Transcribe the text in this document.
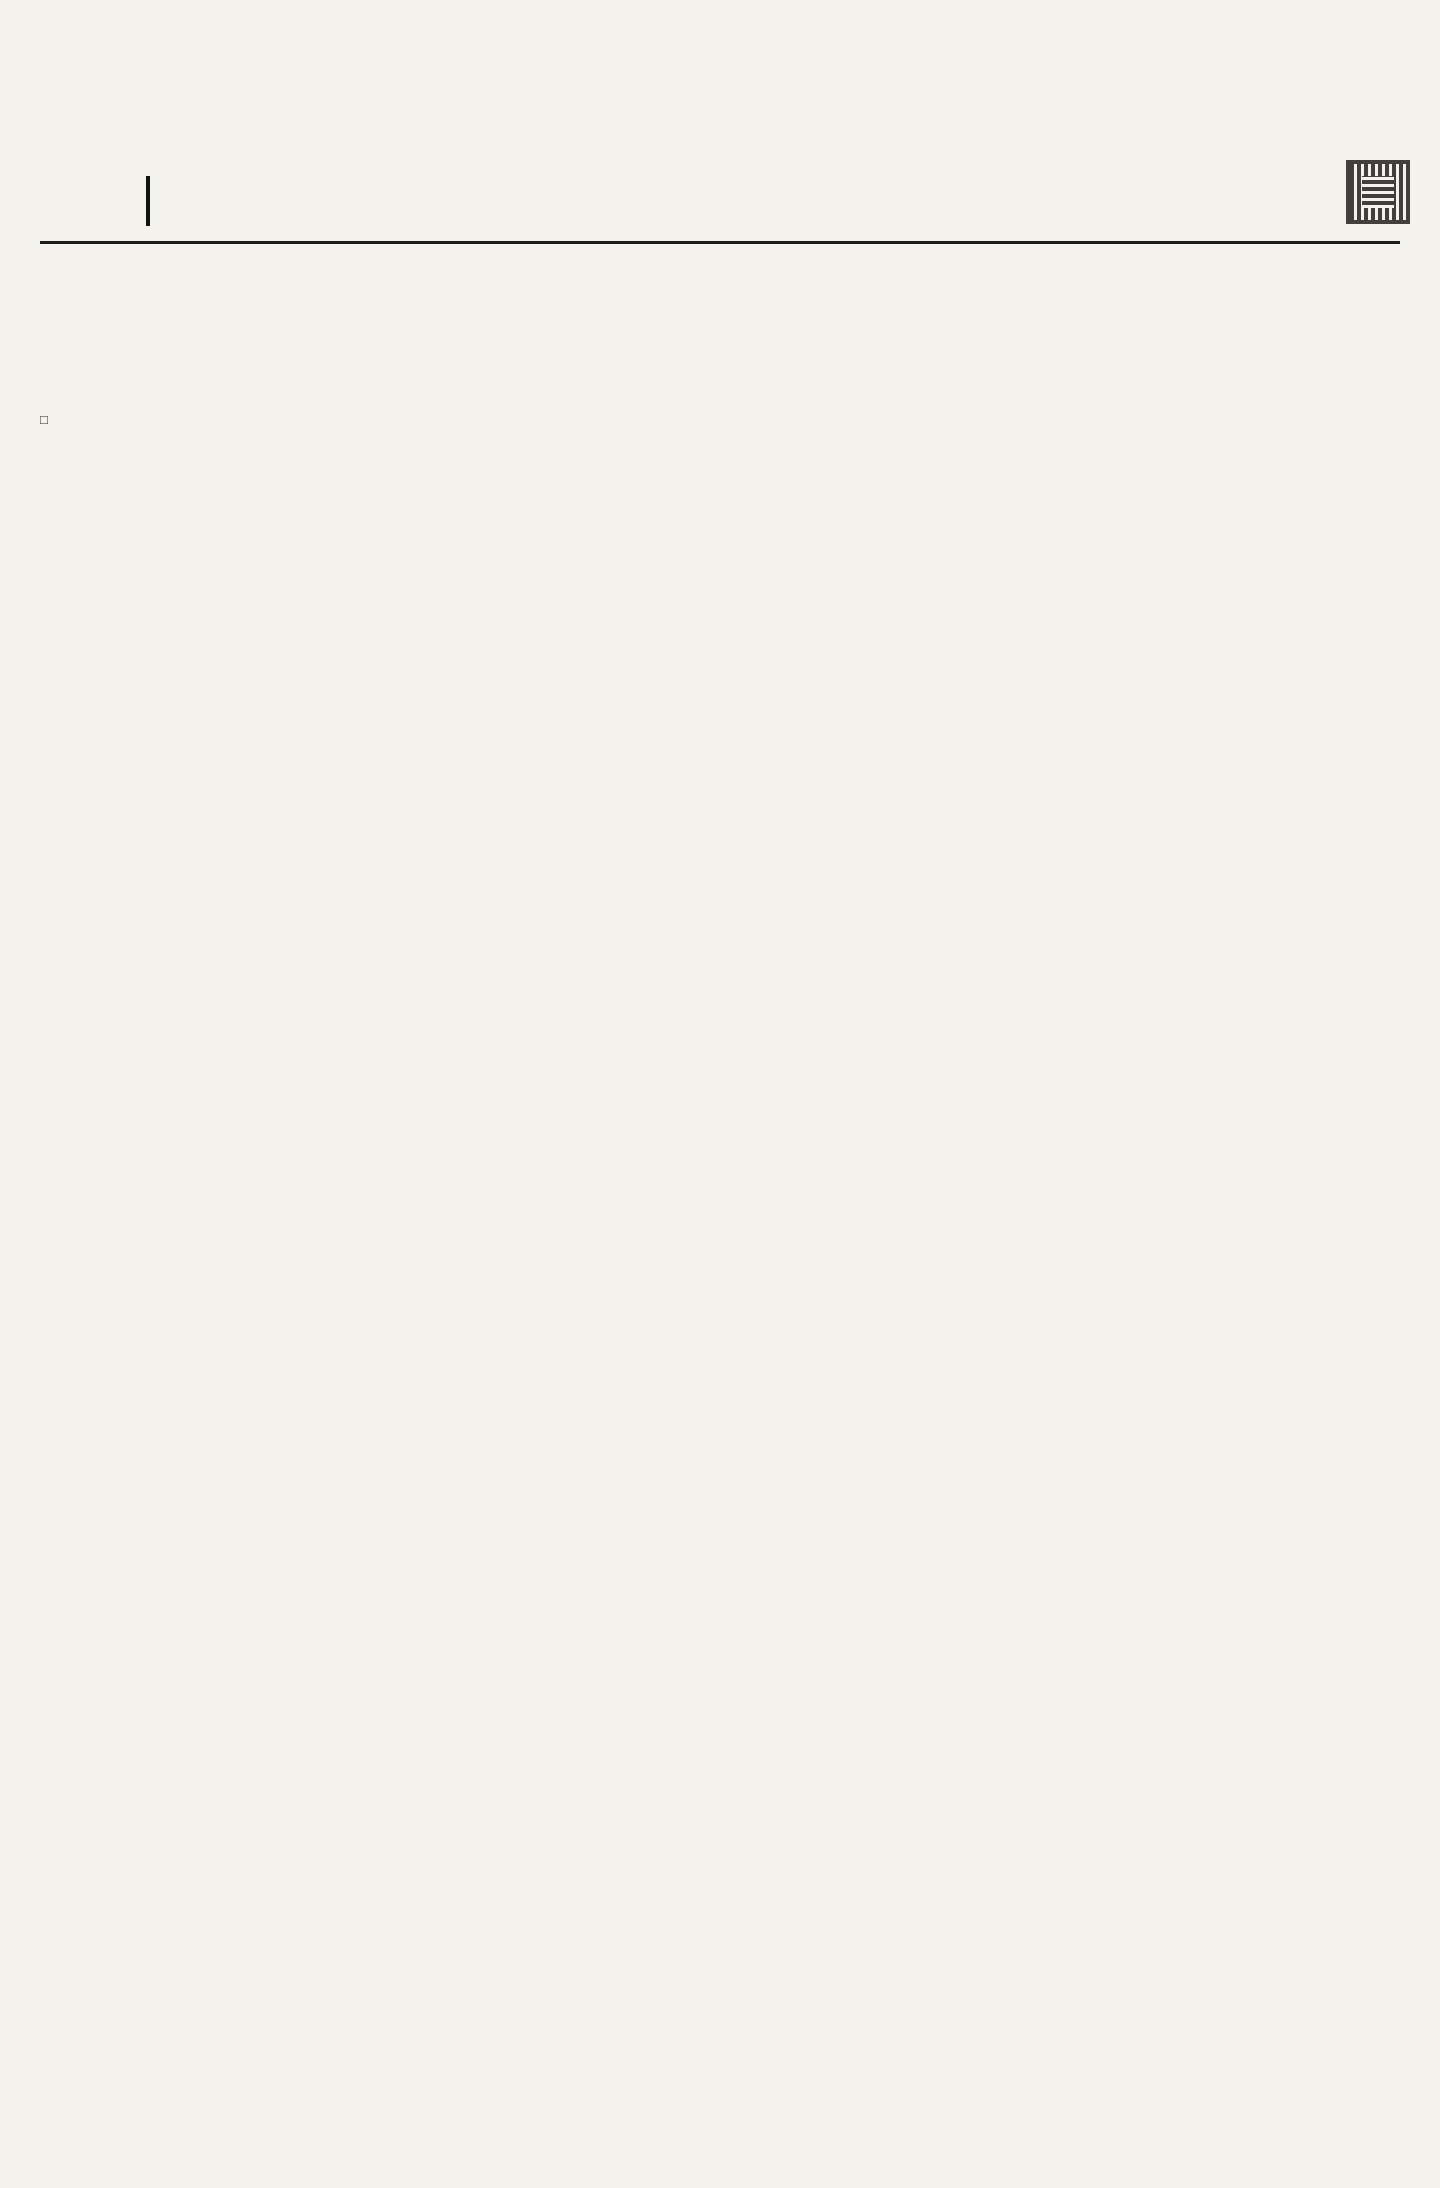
□
